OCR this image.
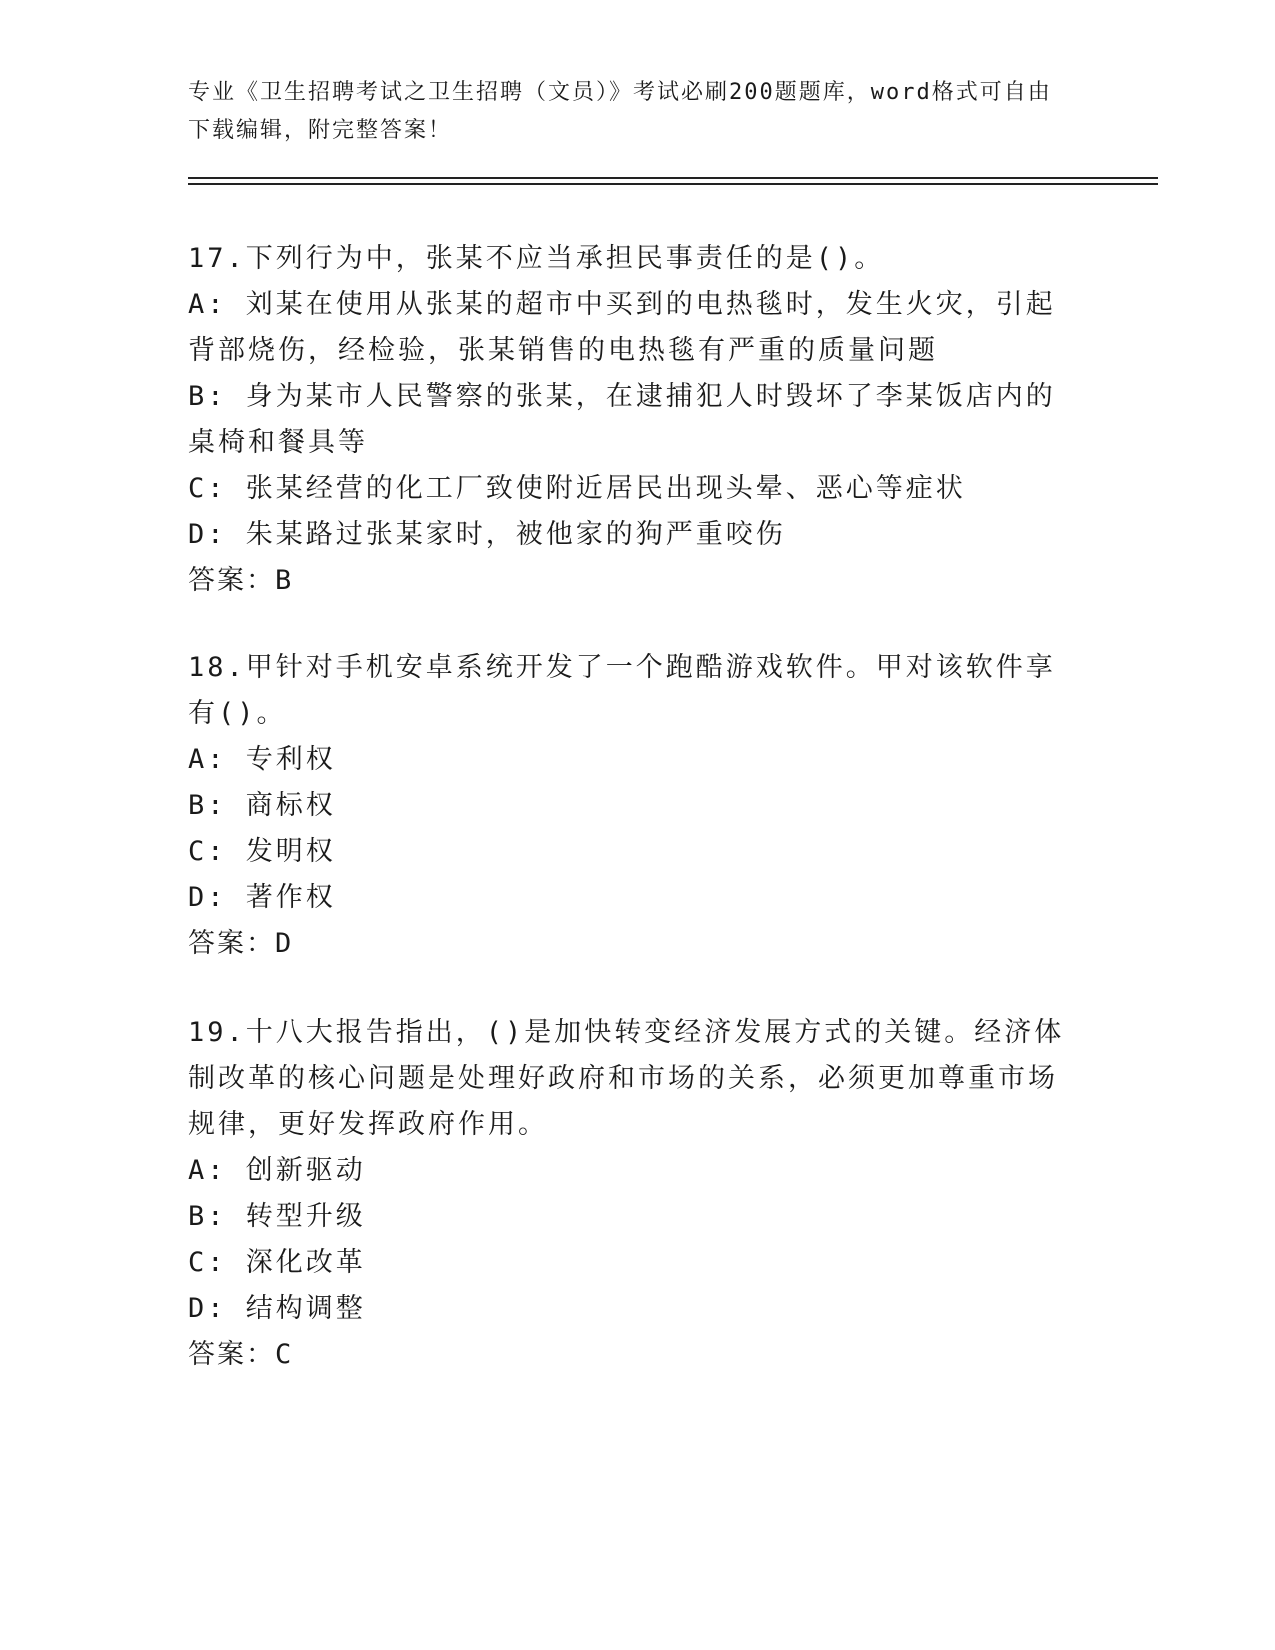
专业《卫生招聘考试之卫生招聘（文员）》考试必刷200题题库，word格式可自由下载编辑，附完整答案！

17.下列行为中，张某不应当承担民事责任的是()。

A: 刘某在使用从张某的超市中买到的电热毯时，发生火灾，引起背部烧伤，经检验，张某销售的电热毯有严重的质量问题

B: 身为某市人民警察的张某，在逮捕犯人时毁坏了李某饭店内的桌椅和餐具等

C: 张某经营的化工厂致使附近居民出现头晕、恶心等症状

D: 朱某路过张某家时，被他家的狗严重咬伤

答案：B

18.甲针对手机安卓系统开发了一个跑酷游戏软件。甲对该软件享有()。

A: 专利权

B: 商标权

C: 发明权

D: 著作权

答案：D

19.十八大报告指出，()是加快转变经济发展方式的关键。经济体制改革的核心问题是处理好政府和市场的关系，必须更加尊重市场规律，更好发挥政府作用。

A: 创新驱动

B: 转型升级

C: 深化改革

D: 结构调整

答案：C
